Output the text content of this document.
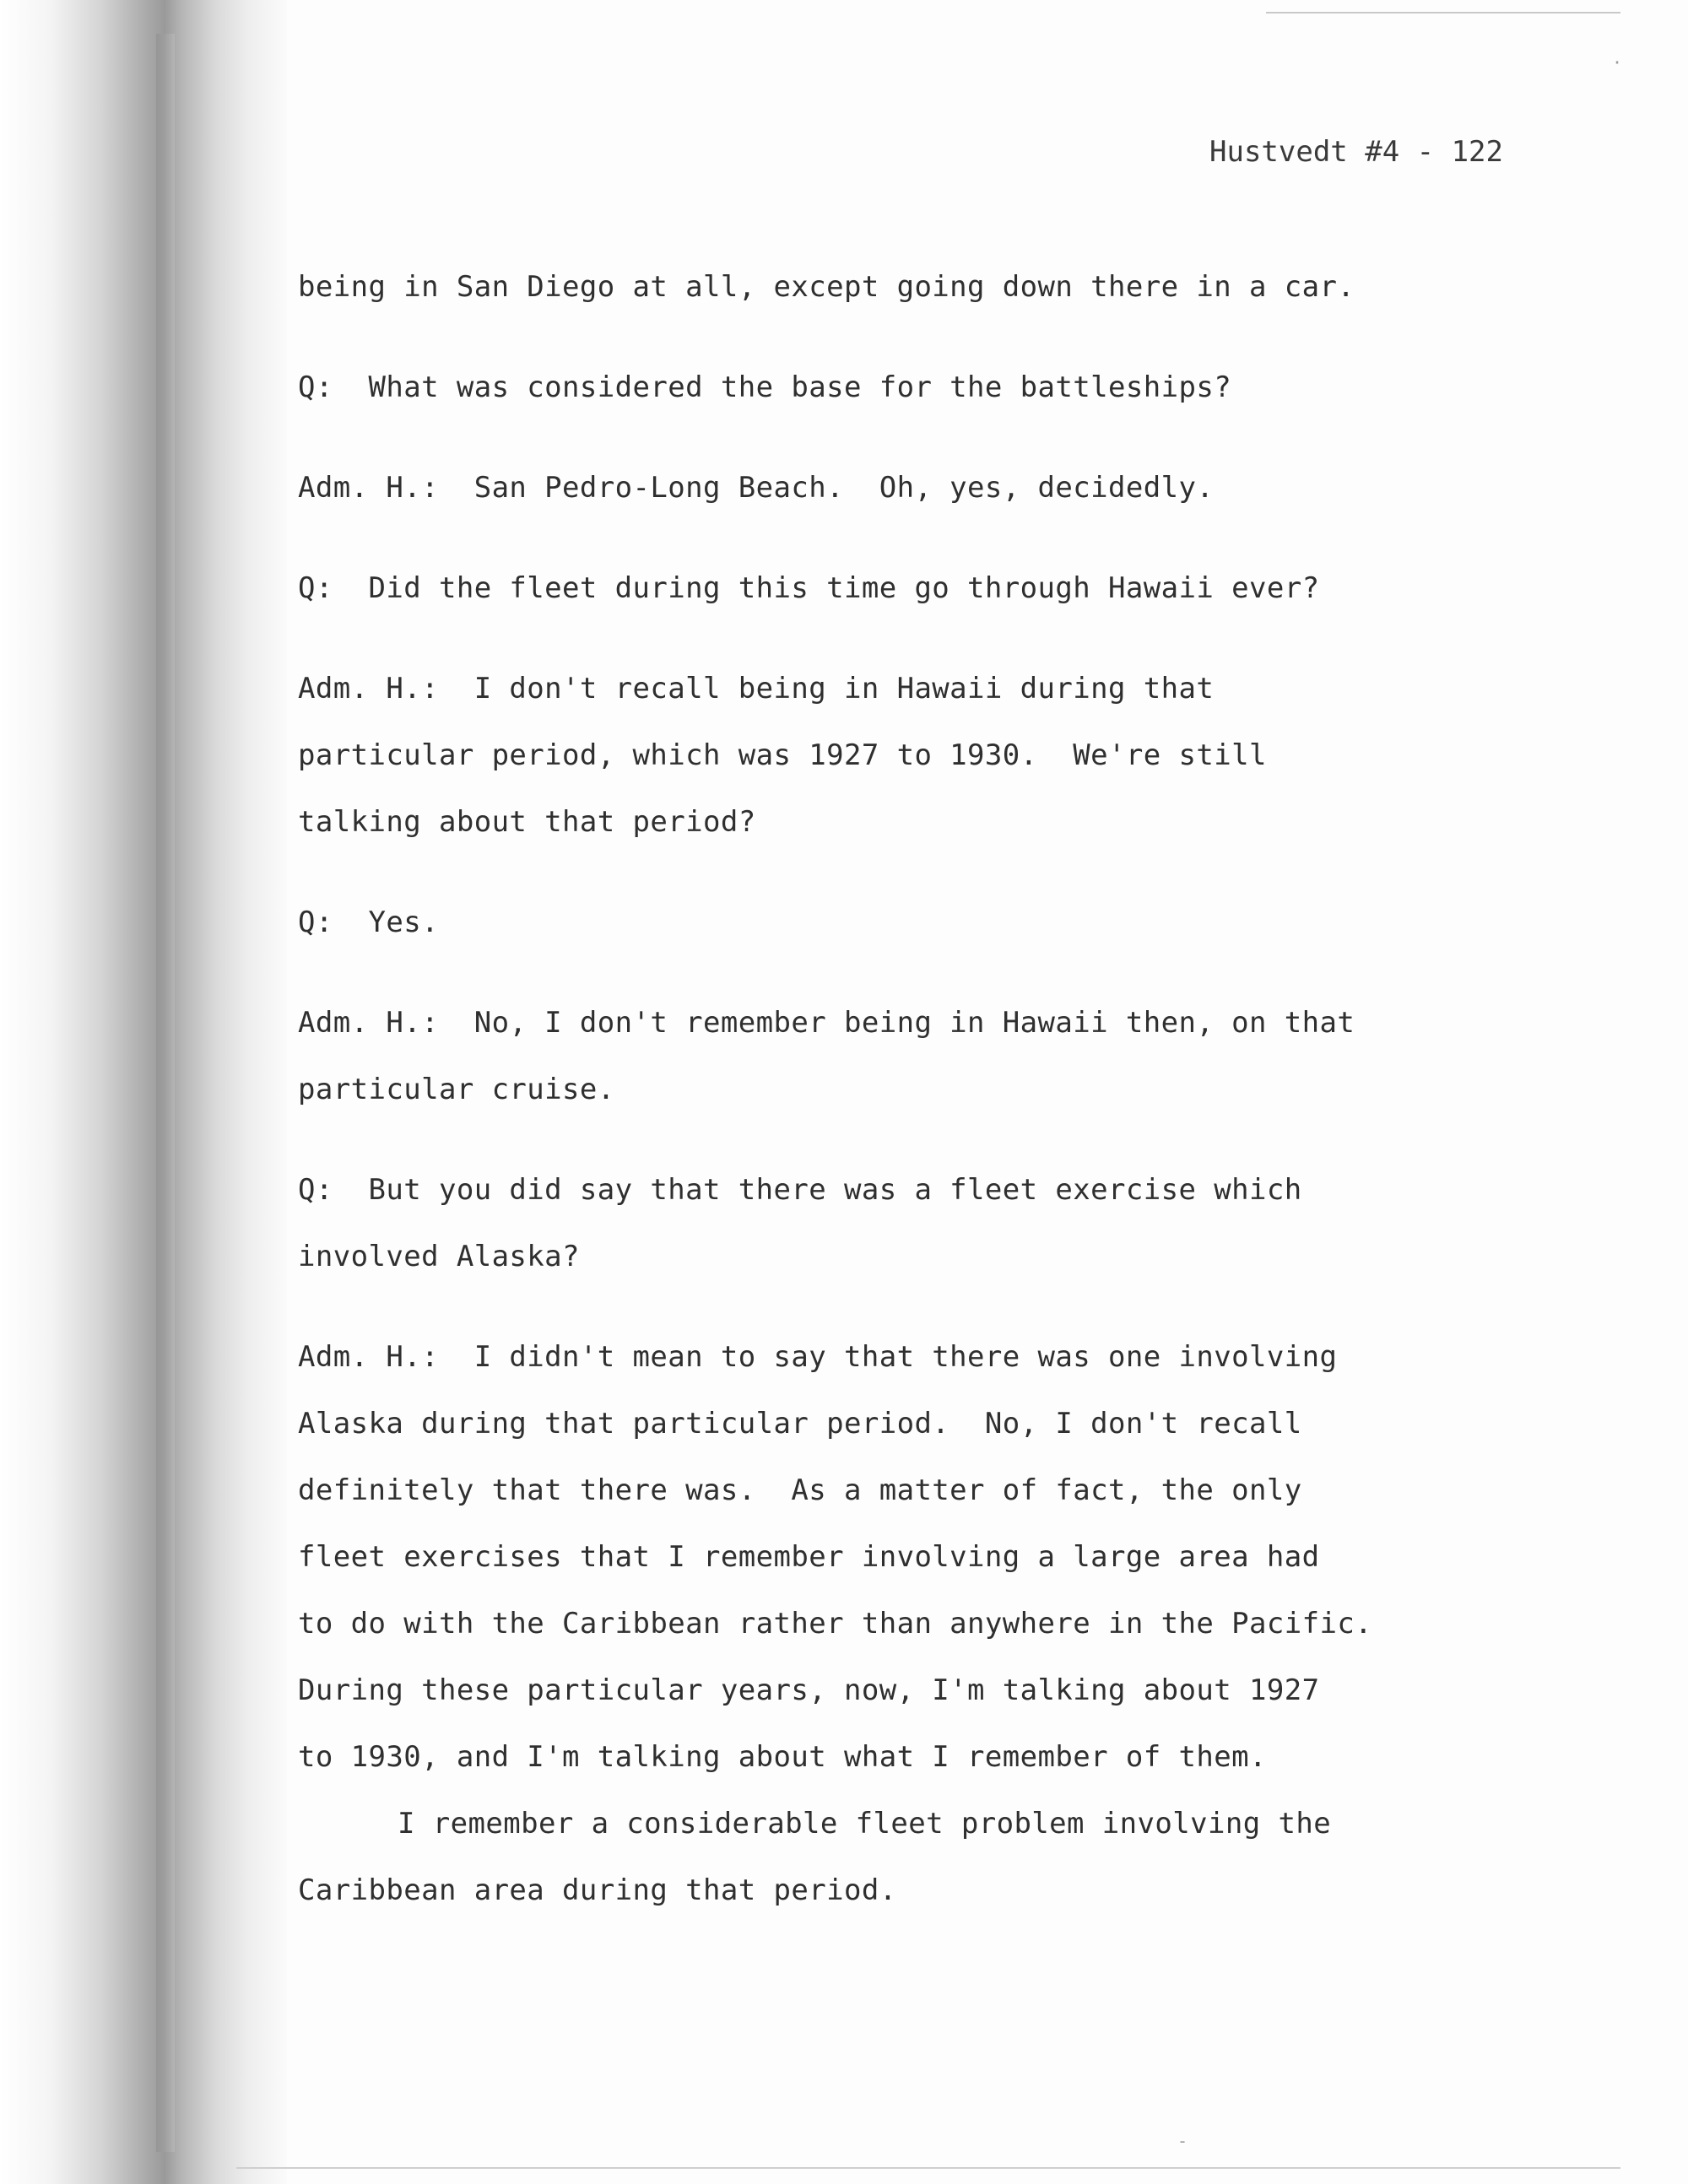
·
-
Hustvedt #4 - 122
being in San Diego at all, except going down there in a car.
Q:  What was considered the base for the battleships?
Adm. H.:  San Pedro-Long Beach.  Oh, yes, decidedly.
Q:  Did the fleet during this time go through Hawaii ever?
Adm. H.:  I don't recall being in Hawaii during that
particular period, which was 1927 to 1930.  We're still
talking about that period?
Q:  Yes.
Adm. H.:  No, I don't remember being in Hawaii then, on that
particular cruise.
Q:  But you did say that there was a fleet exercise which
involved Alaska?
Adm. H.:  I didn't mean to say that there was one involving
Alaska during that particular period.  No, I don't recall
definitely that there was.  As a matter of fact, the only
fleet exercises that I remember involving a large area had
to do with the Caribbean rather than anywhere in the Pacific.
During these particular years, now, I'm talking about 1927
to 1930, and I'm talking about what I remember of them.
I remember a considerable fleet problem involving the
Caribbean area during that period.
